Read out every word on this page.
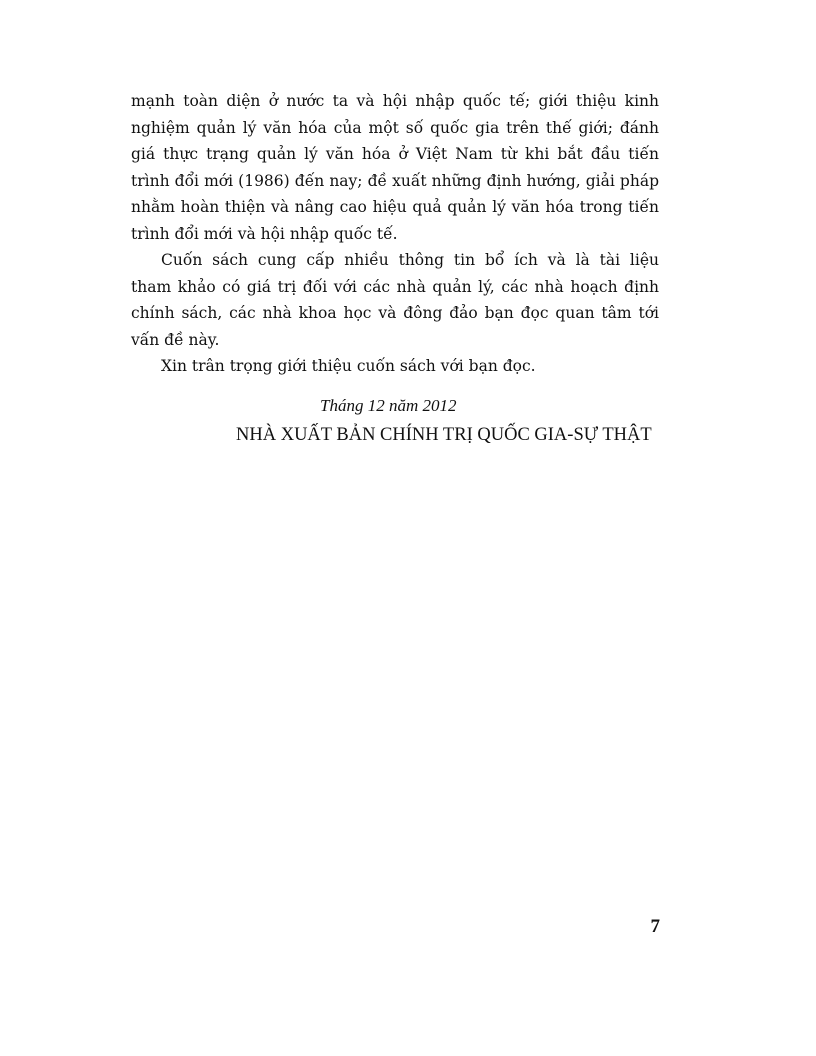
mạnh toàn diện ở nước ta và hội nhập quốc tế; giới thiệu kinh
nghiệm quản lý văn hóa của một số quốc gia trên thế giới; đánh
giá thực trạng quản lý văn hóa ở Việt Nam từ khi bắt đầu tiến
trình đổi mới (1986) đến nay; đề xuất những định hướng, giải pháp
nhằm hoàn thiện và nâng cao hiệu quả quản lý văn hóa trong tiến
trình đổi mới và hội nhập quốc tế.
Cuốn sách cung cấp nhiều thông tin bổ ích và là tài liệu
tham khảo có giá trị đối với các nhà quản lý, các nhà hoạch định
chính sách, các nhà khoa học và đông đảo bạn đọc quan tâm tới
vấn đề này.
Xin trân trọng giới thiệu cuốn sách với bạn đọc.
Tháng 12 năm 2012
NHÀ XUẤT BẢN CHÍNH TRỊ QUỐC GIA-SỰ THẬT
7
